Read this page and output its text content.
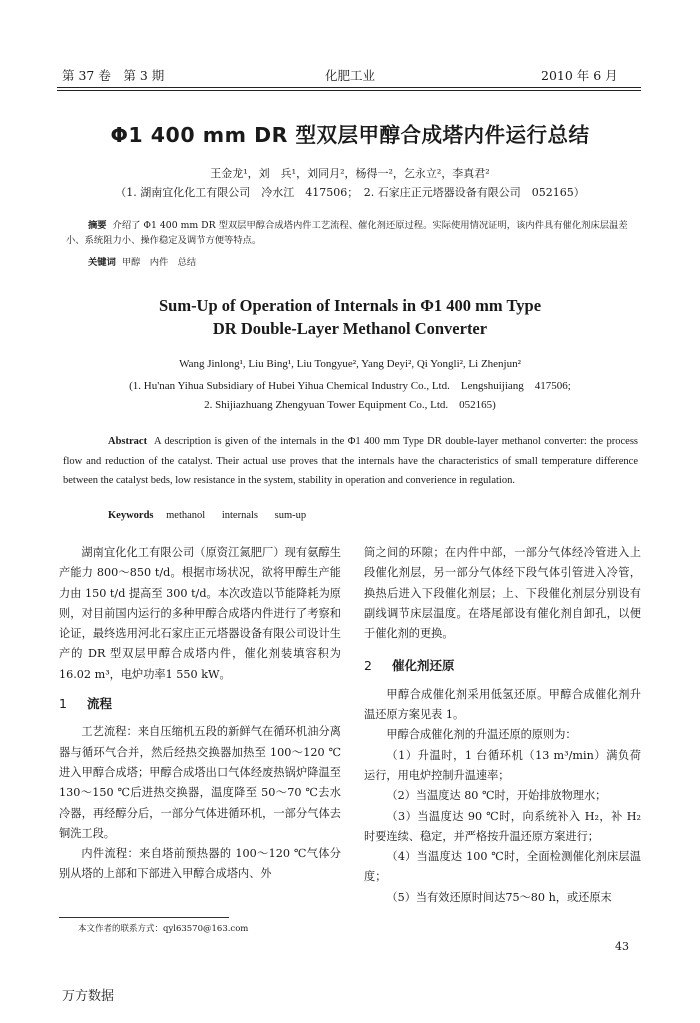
第 37 卷　第 3 期	化肥工业	2010 年 6 月
Φ1 400 mm DR 型双层甲醇合成塔内件运行总结
王金龙¹，刘　兵¹，刘同月²，杨得一²，乞永立²，李真君²
（1. 湖南宜化化工有限公司　冷水江　417506；　2. 石家庄正元塔器设备有限公司　052165）
摘要 介绍了 Φ1 400 mm DR 型双层甲醇合成塔内件工艺流程、催化剂还原过程。实际使用情况证明，该内件具有催化剂床层温差小、系统阻力小、操作稳定及调节方便等特点。
关键词 甲醇　内件　总结
Sum-Up of Operation of Internals in Φ1 400 mm Type
DR Double-Layer Methanol Converter
Wang Jinlong¹, Liu Bing¹, Liu Tongyue², Yang Deyi², Qi Yongli², Li Zhenjun²
(1. Hu'nan Yihua Subsidiary of Hubei Yihua Chemical Industry Co., Ltd.　Lengshuijiang　417506;
2. Shijiazhuang Zhengyuan Tower Equipment Co., Ltd.　052165)
Abstract A description is given of the internals in the Φ1 400 mm Type DR double-layer methanol converter: the process flow and reduction of the catalyst. Their actual use proves that the internals have the characteristics of small temperature difference between the catalyst beds, low resistance in the system, stability in operation and converience in regulation.
Keywords methanol internals sum-up

湖南宜化化工有限公司（原资江氮肥厂）现有氨醇生产能力 800～850 t/d。根据市场状况，欲将甲醇生产能力由 150 t/d 提高至 300 t/d。本次改造以节能降耗为原则，对目前国内运行的多种甲醇合成塔内件进行了考察和论证，最终选用河北石家庄正元塔器设备有限公司设计生产的 DR 型双层甲醇合成塔内件，催化剂装填容积为 16.02 m³，电炉功率1 550 kW。

1 流程

工艺流程：来自压缩机五段的新鲜气在循环机油分离器与循环气合并，然后经热交换器加热至 100～120 ℃进入甲醇合成塔；甲醇合成塔出口气体经废热锅炉降温至 130～150 ℃后进热交换器，温度降至 50～70 ℃去水冷器，再经醇分后，一部分气体进循环机，一部分气体去铜洗工段。

内件流程：来自塔前预热器的 100～120 ℃气体分别从塔的上部和下部进入甲醇合成塔内、外

筒之间的环隙；在内件中部，一部分气体经冷管进入上段催化剂层，另一部分气体经下段气体引管进入冷管，换热后进入下段催化剂层；上、下段催化剂层分别设有副线调节床层温度。在塔尾部设有催化剂自卸孔，以便于催化剂的更换。

2 催化剂还原

甲醇合成催化剂采用低氢还原。甲醇合成催化剂升温还原方案见表 1。

甲醇合成催化剂的升温还原的原则为：

（1）升温时，1 台循环机（13 m³/min）满负荷运行，用电炉控制升温速率；

（2）当温度达 80 ℃时，开始排放物理水；

（3）当温度达 90 ℃时，向系统补入 H₂，补 H₂ 时要连续、稳定，并严格按升温还原方案进行；

（4）当温度达 100 ℃时，全面检测催化剂床层温度；

（5）当有效还原时间达75～80 h，或还原末

本文作者的联系方式：qyl63570@163.com
43
万方数据
